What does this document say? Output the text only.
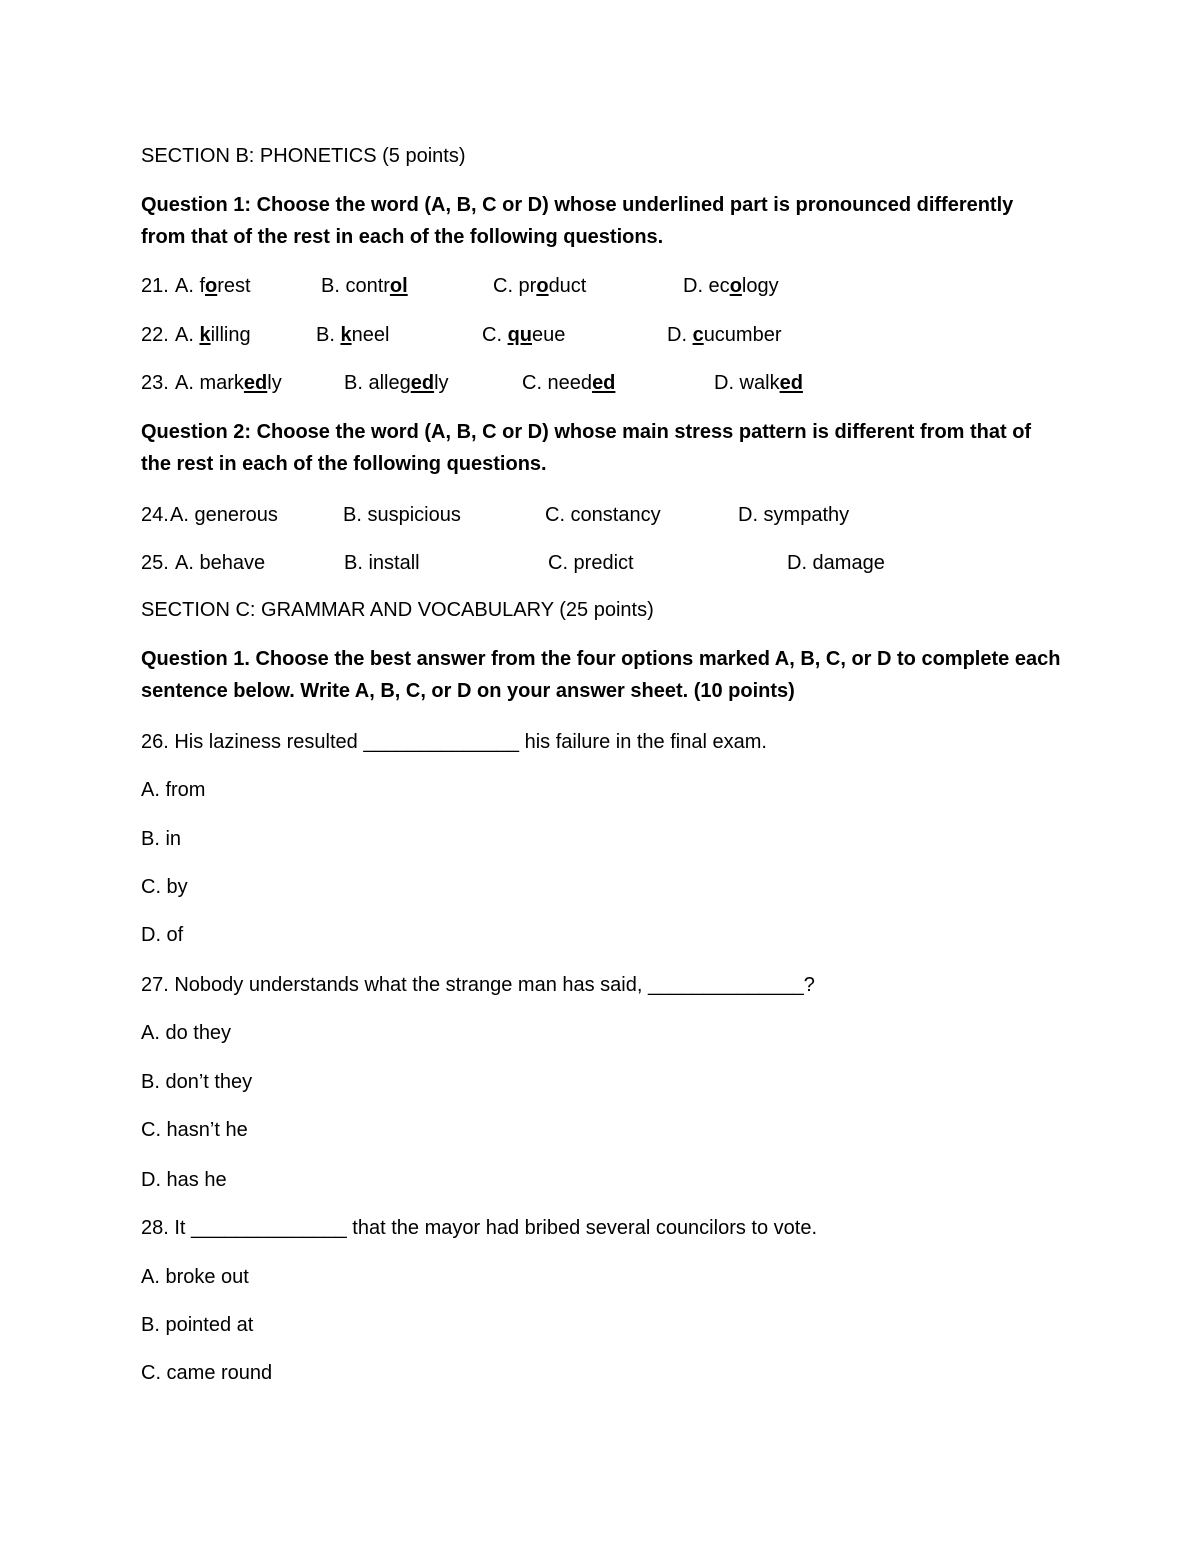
SECTION B: PHONETICS (5 points)

Question 1: Choose the word (A, B, C or D) whose underlined part is pronounced differently from that of the rest in each of the following questions.

21. A. forest	B. control	C. product	D. ecology
22. A. killing	B. kneel	C. queue	D. cucumber
23. A. markedly	B. allegedly	C. needed	D. walked

Question 2: Choose the word (A, B, C or D) whose main stress pattern is different from that of the rest in each of the following questions.

24. A. generous	B. suspicious	C. constancy	D. sympathy
25. A. behave	B. install	C. predict	D. damage

SECTION C: GRAMMAR AND VOCABULARY (25 points)

Question 1. Choose the best answer from the four options marked A, B, C, or D to complete each sentence below. Write A, B, C, or D on your answer sheet. (10 points)

26. His laziness resulted ______________ his failure in the final exam.

A. from

B. in

C. by

D. of

27. Nobody understands what the strange man has said, ______________?

A. do they

B. don’t they

C. hasn’t he

D. has he

28. It ______________ that the mayor had bribed several councilors to vote.

A. broke out

B. pointed at

C. came round
